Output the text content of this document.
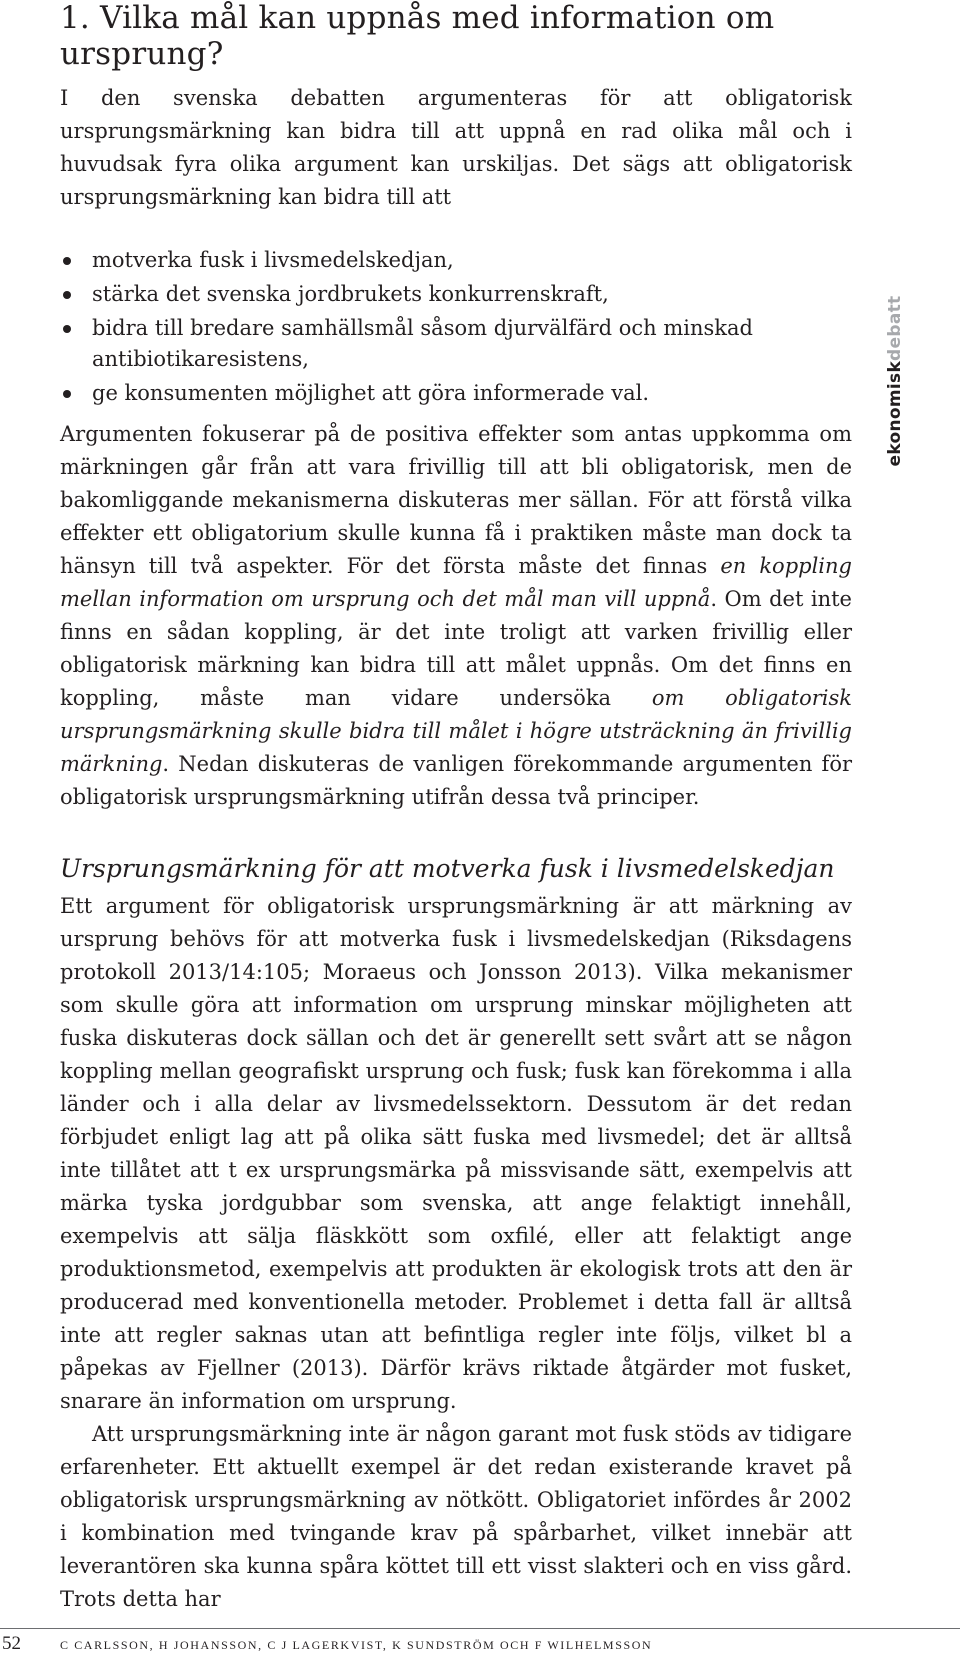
1. Vilka mål kan uppnås med information om ursprung?

I den svenska debatten argumenteras för att obligatorisk ursprungsmärkning kan bidra till att uppnå en rad olika mål och i huvudsak fyra olika argument kan urskiljas. Det sägs att obligatorisk ursprungsmärkning kan bidra till att

motverka fusk i livsmedelskedjan,
stärka det svenska jordbrukets konkurrenskraft,
bidra till bredare samhällsmål såsom djurvälfärd och minskad antibiotikaresistens,
ge konsumenten möjlighet att göra informerade val.

Argumenten fokuserar på de positiva effekter som antas uppkomma om märkningen går från att vara frivillig till att bli obligatorisk, men de bakomliggande mekanismerna diskuteras mer sällan. För att förstå vilka effekter ett obligatorium skulle kunna få i praktiken måste man dock ta hänsyn till två aspekter. För det första måste det finnas en koppling mellan information om ursprung och det mål man vill uppnå. Om det inte finns en sådan koppling, är det inte troligt att varken frivillig eller obligatorisk märkning kan bidra till att målet uppnås. Om det finns en koppling, måste man vidare undersöka om obligatorisk ursprungsmärkning skulle bidra till målet i högre utsträckning än frivillig märkning. Nedan diskuteras de vanligen förekommande argumenten för obligatorisk ursprungsmärkning utifrån dessa två principer.

Ursprungsmärkning för att motverka fusk i livsmedelskedjan

Ett argument för obligatorisk ursprungsmärkning är att märkning av ursprung behövs för att motverka fusk i livsmedelskedjan (Riksdagens protokoll 2013/14:105; Moraeus och Jonsson 2013). Vilka mekanismer som skulle göra att information om ursprung minskar möjligheten att fuska diskuteras dock sällan och det är generellt sett svårt att se någon koppling mellan geografiskt ursprung och fusk; fusk kan förekomma i alla länder och i alla delar av livsmedelssektorn. Dessutom är det redan förbjudet enligt lag att på olika sätt fuska med livsmedel; det är alltså inte tillåtet att t ex ursprungsmärka på missvisande sätt, exempelvis att märka tyska jordgubbar som svenska, att ange felaktigt innehåll, exempelvis att sälja fläskkött som oxfilé, eller att felaktigt ange produktionsmetod, exempelvis att produkten är ekologisk trots att den är producerad med konventionella metoder. Problemet i detta fall är alltså inte att regler saknas utan att befintliga regler inte följs, vilket bl a påpekas av Fjellner (2013). Därför krävs riktade åtgärder mot fusket, snarare än information om ursprung.

Att ursprungsmärkning inte är någon garant mot fusk stöds av tidigare erfarenheter. Ett aktuellt exempel är det redan existerande kravet på obligatorisk ursprungsmärkning av nötkött. Obligatoriet infördes år 2002 i kombination med tvingande krav på spårbarhet, vilket innebär att leverantören ska kunna spåra köttet till ett visst slakteri och en viss gård. Trots detta har

ekonomiskdebatt
52	C CARLSSON, H JOHANSSON, C J LAGERKVIST, K SUNDSTRÖM OCH F WILHELMSSON
